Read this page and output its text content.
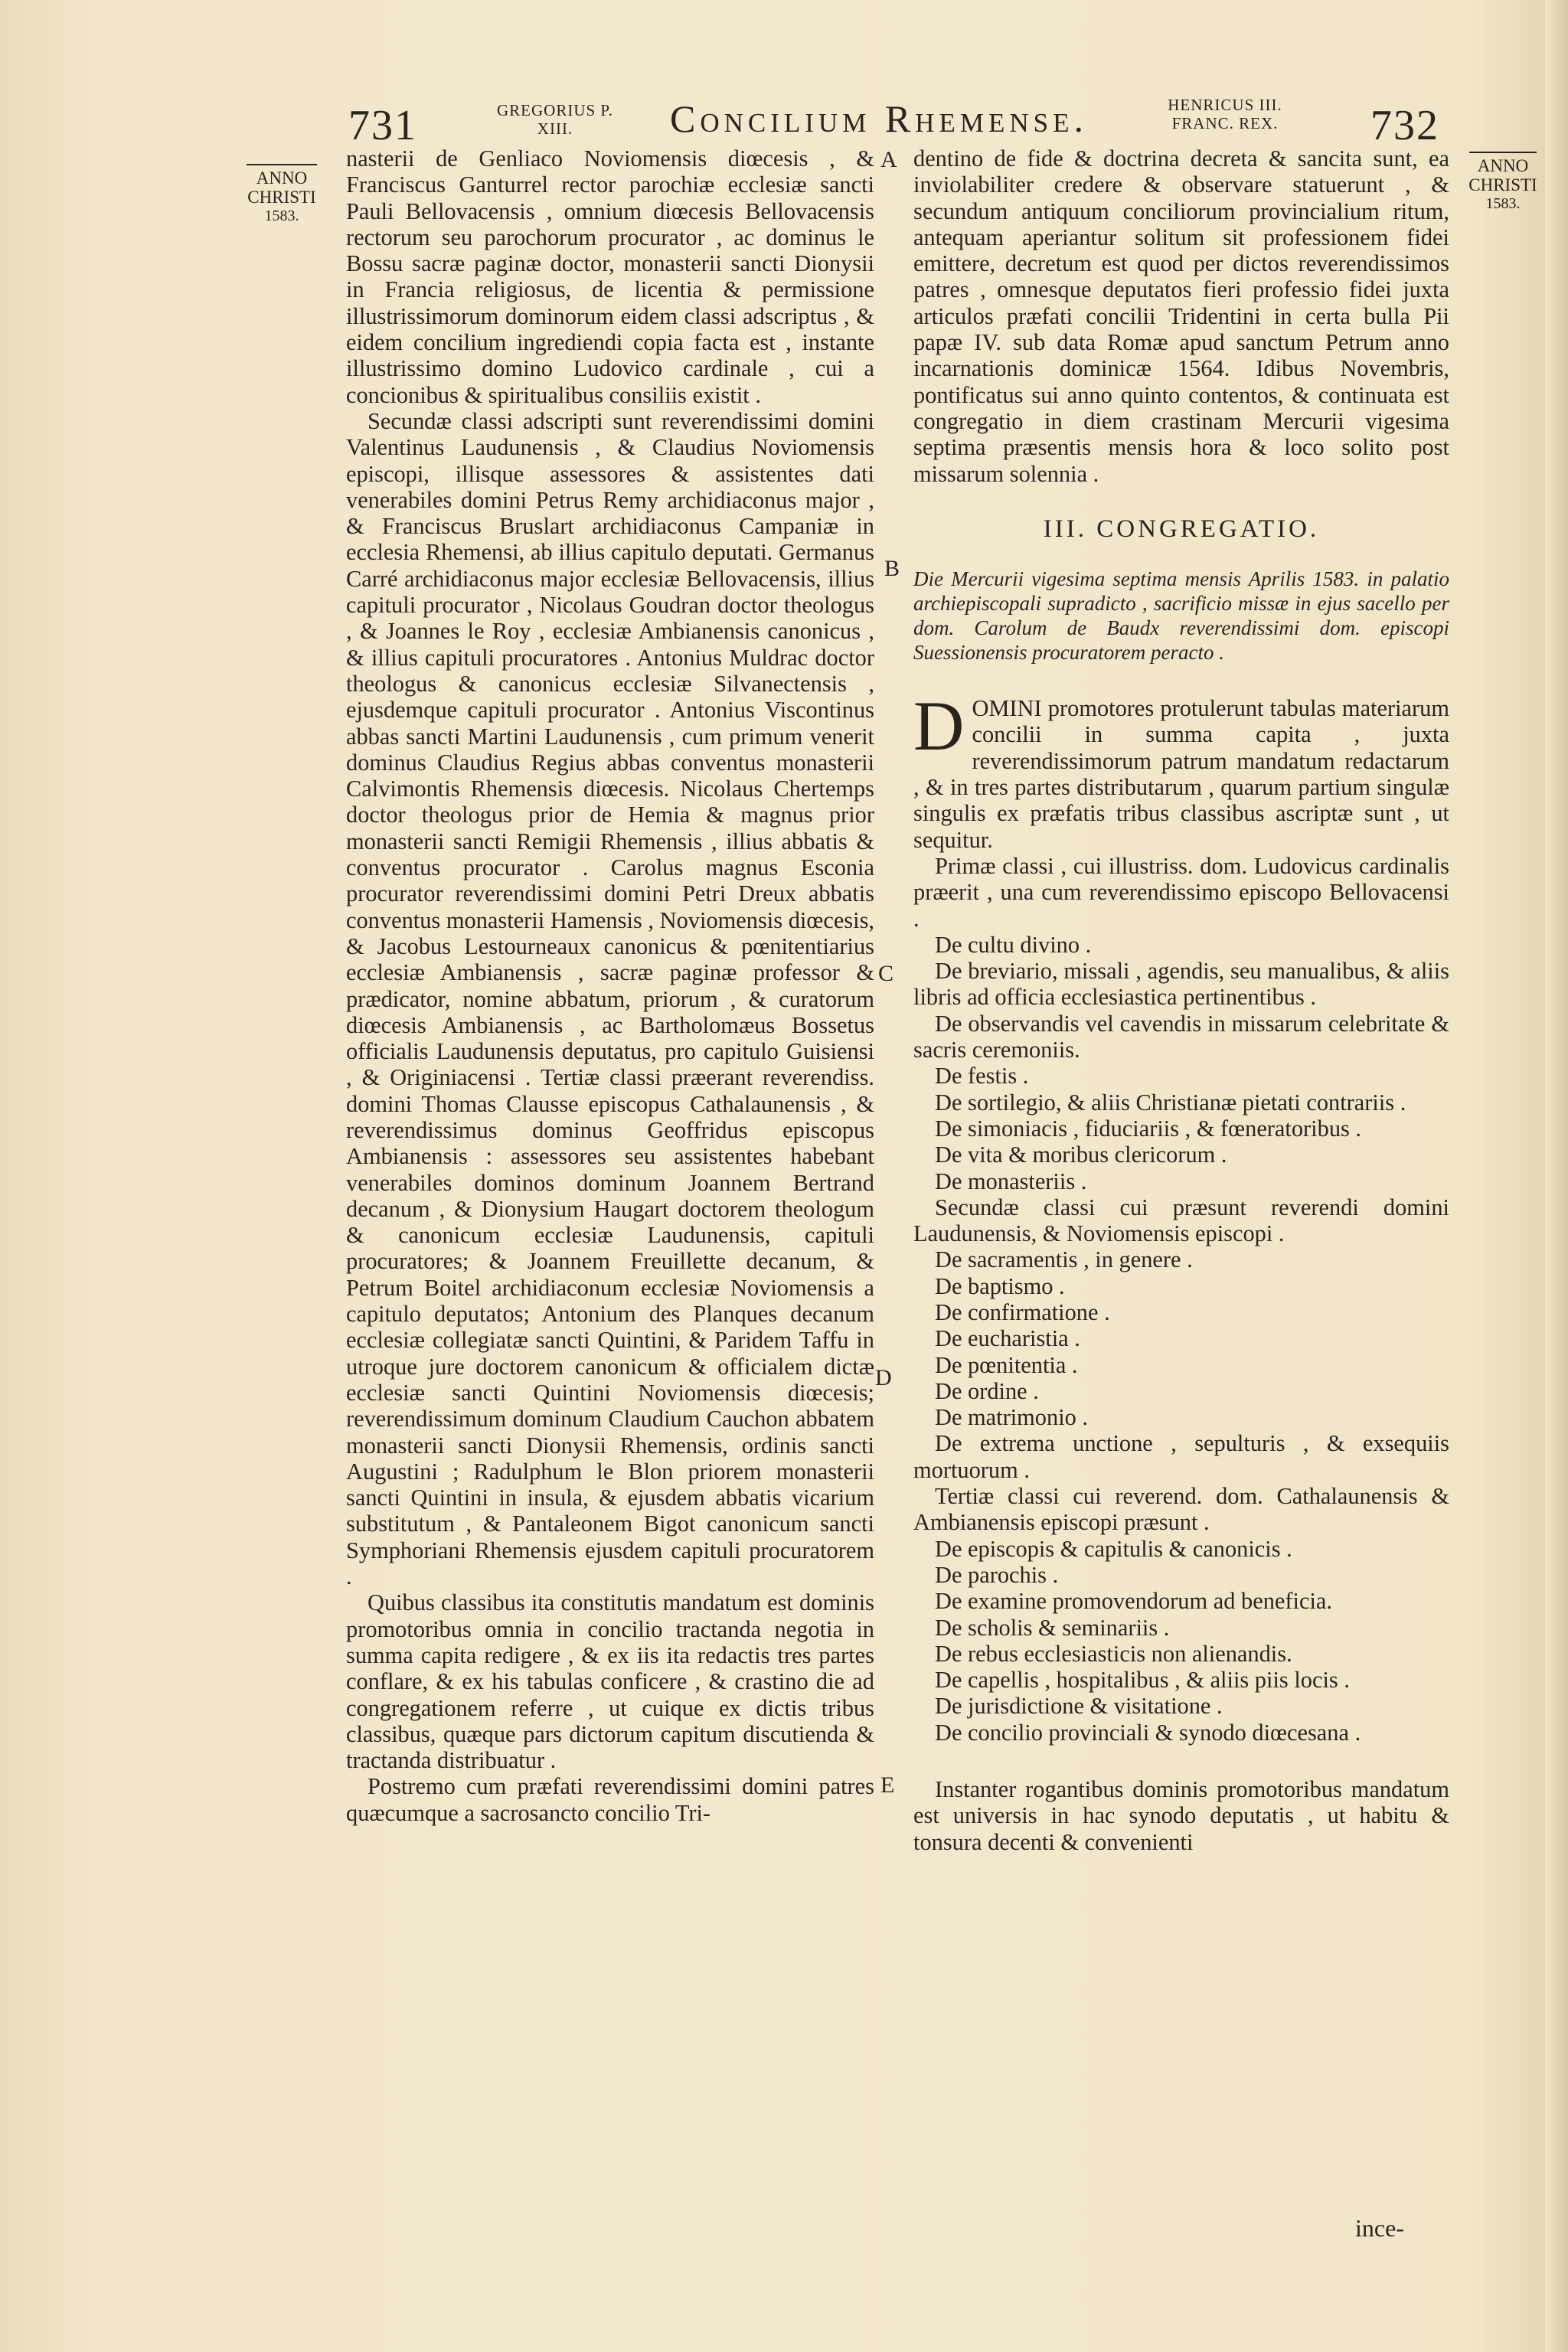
731	GREGORIUS P. XIII.	Concilium Rhemense.	HENRICUS III. FRANC. REX.	732
ANNO
CHRISTI
1583.
ANNO
CHRISTI
1583.
A
B
C
D
E

nasterii de Genliaco Noviomensis diœcesis , & Franciscus Ganturrel rector parochiæ ecclesiæ sancti Pauli Bellovacensis , omnium diœcesis Bellovacensis rectorum seu parochorum procurator , ac dominus le Bossu sacræ paginæ doctor, monasterii sancti Dionysii in Francia religiosus, de licentia & permissione illustrissimorum dominorum eidem classi adscriptus , & eidem concilium ingrediendi copia facta est , instante illustrissimo domino Ludovico cardinale , cui a concionibus & spiritualibus consiliis existit .

Secundæ classi adscripti sunt reverendissimi domini Valentinus Laudunensis , & Claudius Noviomensis episcopi, illisque assessores & assistentes dati venerabiles domini Petrus Remy archidiaconus major , & Franciscus Bruslart archidiaconus Campaniæ in ecclesia Rhemensi, ab illius capitulo deputati. Germanus Carré archidiaconus major ecclesiæ Bellovacensis, illius capituli procurator , Nicolaus Goudran doctor theologus , & Joannes le Roy , ecclesiæ Ambianensis canonicus , & illius capituli procuratores . Antonius Muldrac doctor theologus & canonicus ecclesiæ Silvanectensis , ejusdemque capituli procurator . Antonius Viscontinus abbas sancti Martini Laudunensis , cum primum venerit dominus Claudius Regius abbas conventus monasterii Calvimontis Rhemensis diœcesis. Nicolaus Chertemps doctor theologus prior de Hemia & magnus prior monasterii sancti Remigii Rhemensis , illius abbatis & conventus procurator . Carolus magnus Esconia procurator reverendissimi domini Petri Dreux abbatis conventus monasterii Hamensis , Noviomensis diœcesis, & Jacobus Lestourneaux canonicus & pœnitentiarius ecclesiæ Ambianensis , sacræ paginæ professor & prædicator, nomine abbatum, priorum , & curatorum diœcesis Ambianensis , ac Bartholomæus Bossetus officialis Laudunensis deputatus, pro capitulo Guisiensi , & Originiacensi . Tertiæ classi præerant reverendiss. domini Thomas Clausse episcopus Cathalaunensis , & reverendissimus dominus Geoffridus episcopus Ambianensis : assessores seu assistentes habebant venerabiles dominos dominum Joannem Bertrand decanum , & Dionysium Haugart doctorem theologum & canonicum ecclesiæ Laudunensis, capituli procuratores; & Joannem Freuillette decanum, & Petrum Boitel archidiaconum ecclesiæ Noviomensis a capitulo deputatos; Antonium des Planques decanum ecclesiæ collegiatæ sancti Quintini, & Paridem Taffu in utroque jure doctorem canonicum & officialem dictæ ecclesiæ sancti Quintini Noviomensis diœcesis; reverendissimum dominum Claudium Cauchon abbatem monasterii sancti Dionysii Rhemensis, ordinis sancti Augustini ; Radulphum le Blon priorem monasterii sancti Quintini in insula, & ejusdem abbatis vicarium substitutum , & Pantaleonem Bigot canonicum sancti Symphoriani Rhemensis ejusdem capituli procuratorem .

Quibus classibus ita constitutis mandatum est dominis promotoribus omnia in concilio tractanda negotia in summa capita redigere , & ex iis ita redactis tres partes conflare, & ex his tabulas conficere , & crastino die ad congregationem referre , ut cuique ex dictis tribus classibus, quæque pars dictorum capitum discutienda & tractanda distribuatur .

Postremo cum præfati reverendissimi domini patres quæcumque a sacrosancto concilio Tri-

dentino de fide & doctrina decreta & sancita sunt, ea inviolabiliter credere & observare statuerunt , & secundum antiquum conciliorum provincialium ritum, antequam aperiantur solitum sit professionem fidei emittere, decretum est quod per dictos reverendissimos patres , omnesque deputatos fieri professio fidei juxta articulos præfati concilii Tridentini in certa bulla Pii papæ IV. sub data Romæ apud sanctum Petrum anno incarnationis dominicæ 1564. Idibus Novembris, pontificatus sui anno quinto contentos, & continuata est congregatio in diem crastinam Mercurii vigesima septima præsentis mensis hora & loco solito post missarum solennia .

III. CONGREGATIO.
Die Mercurii vigesima septima mensis Aprilis 1583. in palatio archiepiscopali supradicto , sacrificio missæ in ejus sacello per dom. Carolum de Baudx reverendissimi dom. episcopi Suessionensis procuratorem peracto .

DOMINI promotores protulerunt tabulas materiarum concilii in summa capita , juxta reverendissimorum patrum mandatum redactarum , & in tres partes distributarum , quarum partium singulæ singulis ex præfatis tribus classibus ascriptæ sunt , ut sequitur.

Primæ classi , cui illustriss. dom. Ludovicus cardinalis præerit , una cum reverendissimo episcopo Bellovacensi .

De cultu divino .
De breviario, missali , agendis, seu manualibus, & aliis libris ad officia ecclesiastica pertinentibus .
De observandis vel cavendis in missarum celebritate & sacris ceremoniis.
De festis .
De sortilegio, & aliis Christianæ pietati contrariis .
De simoniacis , fiduciariis , & fœneratoribus .
De vita & moribus clericorum .
De monasteriis .

Secundæ classi cui præsunt reverendi domini Laudunensis, & Noviomensis episcopi .

De sacramentis , in genere .
De baptismo .
De confirmatione .
De eucharistia .
De pœnitentia .
De ordine .
De matrimonio .
De extrema unctione , sepulturis , & exsequiis mortuorum .

Tertiæ classi cui reverend. dom. Cathalaunensis & Ambianensis episcopi præsunt .

De episcopis & capitulis & canonicis .
De parochis .
De examine promovendorum ad beneficia.
De scholis & seminariis .
De rebus ecclesiasticis non alienandis.
De capellis , hospitalibus , & aliis piis locis .
De jurisdictione & visitatione .
De concilio provinciali & synodo diœcesana .

Instanter rogantibus dominis promotoribus mandatum est universis in hac synodo deputatis , ut habitu & tonsura decenti & convenienti

ince-
